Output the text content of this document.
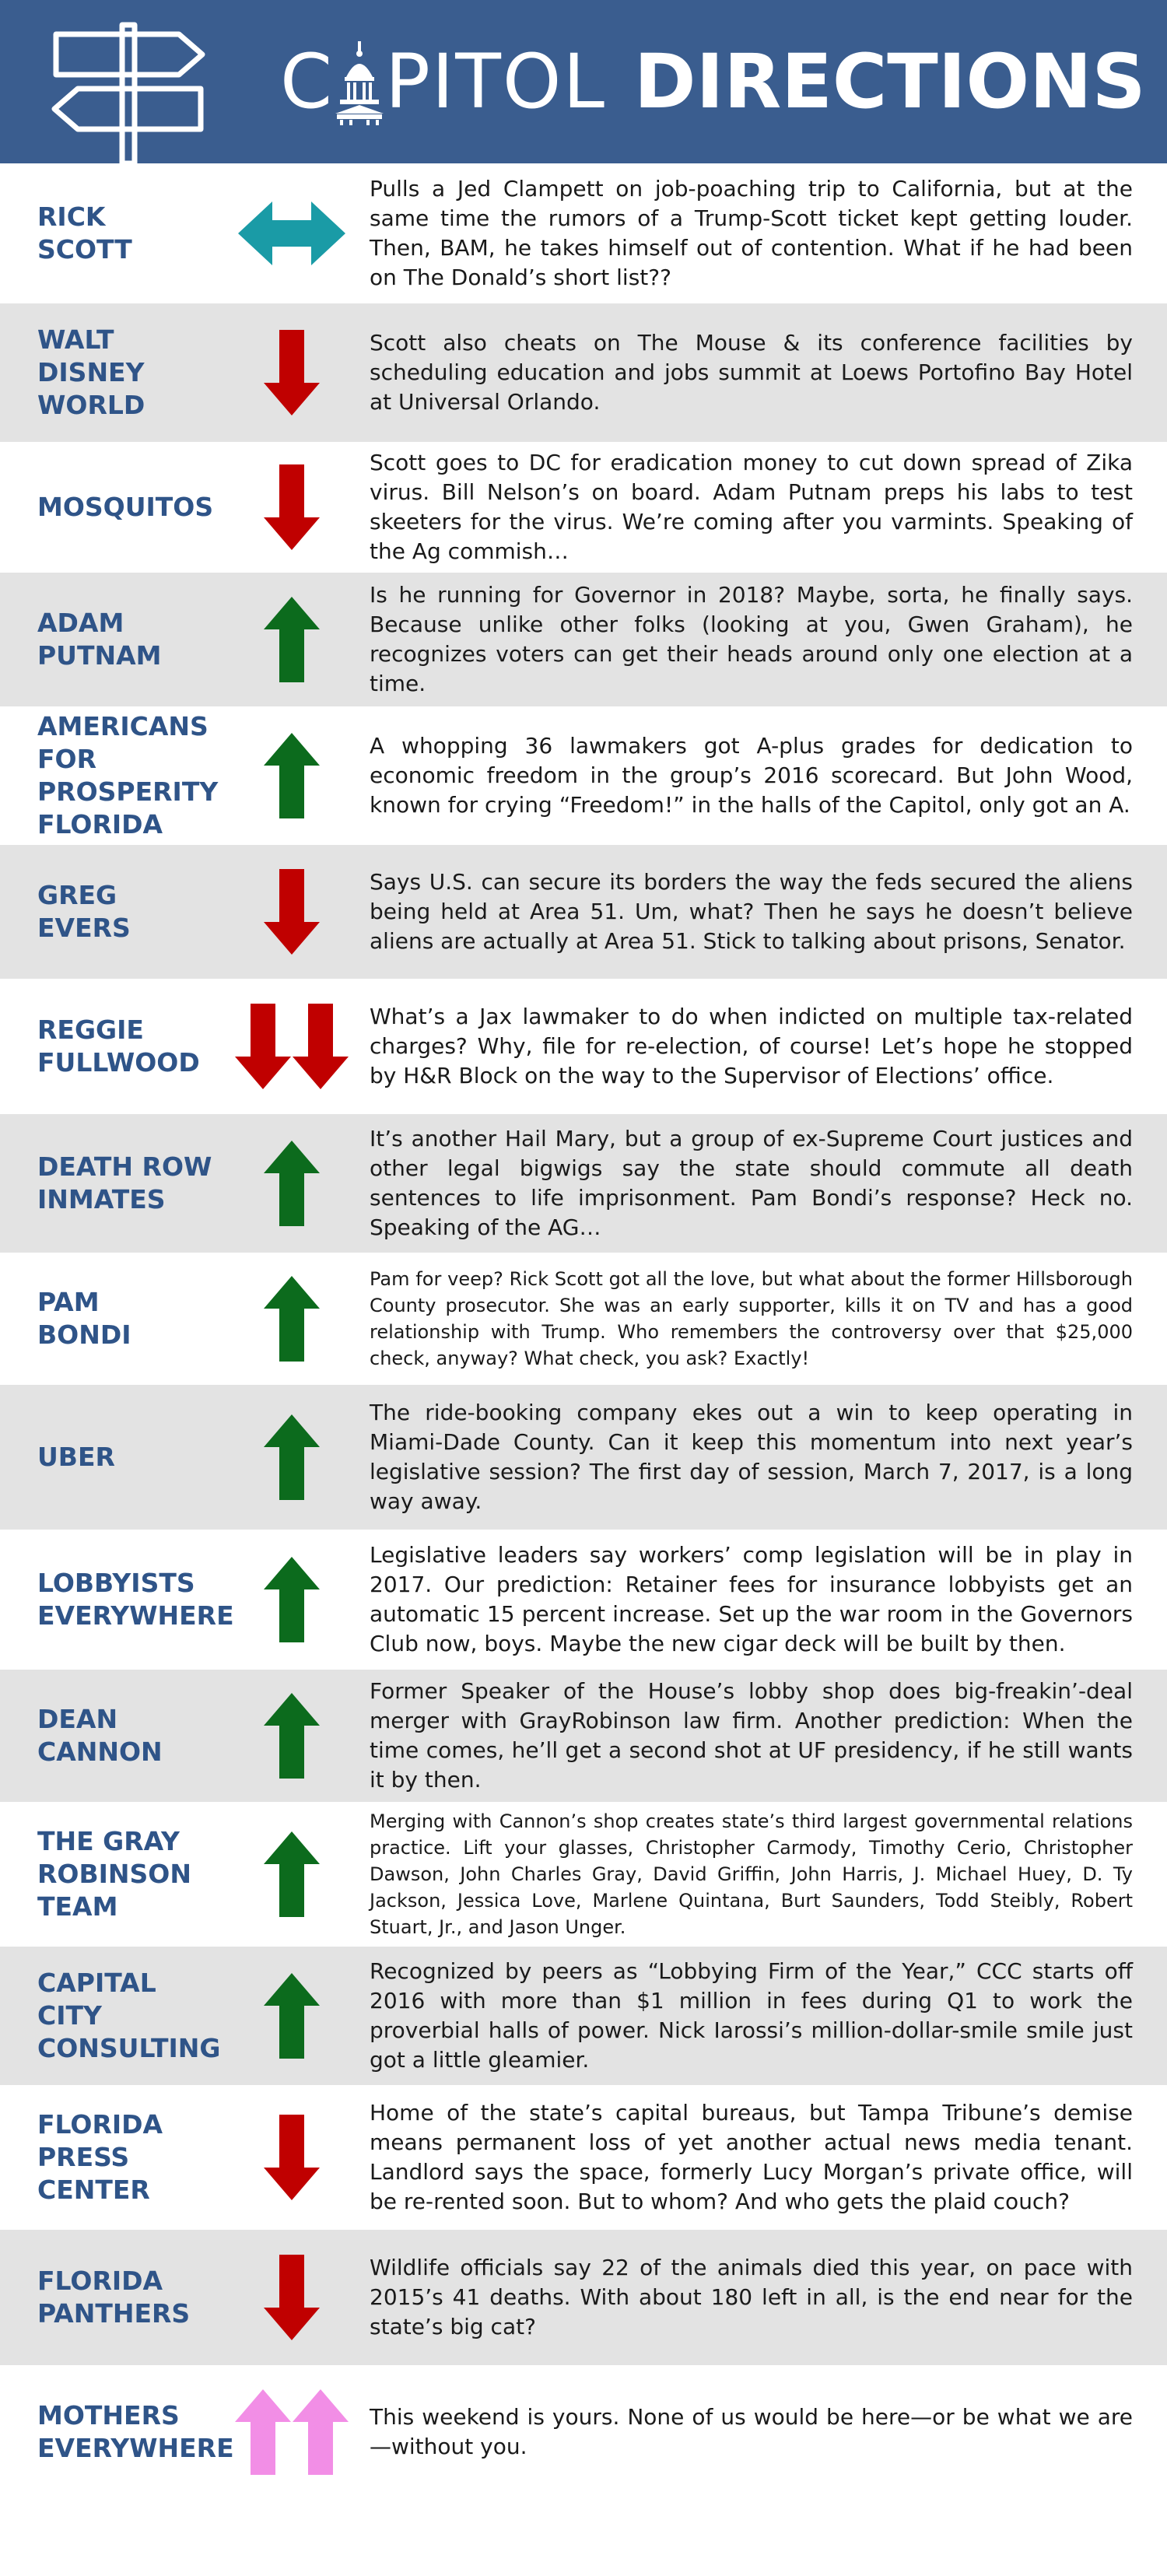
C PITOL DIRECTIONS
RICK
SCOTT
Pulls a Jed Clampett on job-poaching trip to California, but at the same time the rumors of a Trump-Scott ticket kept getting louder. Then, BAM, he takes himself out of contention. What if he had been on The Donald’s short list??
WALT
DISNEY
WORLD
Scott also cheats on The Mouse & its conference facilities by scheduling education and jobs summit at Loews Portofino Bay Hotel at Universal Orlando.
MOSQUITOS
Scott goes to DC for eradication money to cut down spread of Zika virus. Bill Nelson’s on board. Adam Putnam preps his labs to test skeeters for the virus. We’re coming after you varmints. Speaking of the Ag commish…
ADAM
PUTNAM
Is he running for Governor in 2018? Maybe, sorta, he finally says. Because unlike other folks (looking at you, Gwen Graham), he recognizes voters can get their heads around only one election at a time.
AMERICANS FOR
PROSPERITY
FLORIDA
A whopping 36 lawmakers got A-plus grades for dedication to economic freedom in the group’s 2016 scorecard. But John Wood, known for crying “Freedom!” in the halls of the Capitol, only got an A.
GREG
EVERS
Says U.S. can secure its borders the way the feds secured the aliens being held at Area 51. Um, what? Then he says he doesn’t believe aliens are actually at Area 51. Stick to talking about prisons, Senator.
REGGIE
FULLWOOD
What’s a Jax lawmaker to do when indicted on multiple tax-related charges? Why, file for re-election, of course! Let’s hope he stopped by H&R Block on the way to the Supervisor of Elections’ office.
DEATH ROW
INMATES
It’s another Hail Mary, but a group of ex-Supreme Court justices and other legal bigwigs say the state should commute all death sentences to life imprisonment. Pam Bondi’s response? Heck no. Speaking of the AG…
PAM
BONDI
Pam for veep? Rick Scott got all the love, but what about the former Hillsborough County prosecutor. She was an early supporter, kills it on TV and has a good relationship with Trump. Who remembers the controversy over that $25,000 check, anyway? What check, you ask? Exactly!
UBER
The ride-booking company ekes out a win to keep operating in Miami-Dade County. Can it keep this momentum into next year’s legislative session? The first day of session, March 7, 2017, is a long way away.
LOBBYISTS
EVERYWHERE
Legislative leaders say workers’ comp legislation will be in play in 2017. Our prediction: Retainer fees for insurance lobbyists get an automatic 15 percent increase. Set up the war room in the Governors Club now, boys. Maybe the new cigar deck will be built by then.
DEAN
CANNON
Former Speaker of the House’s lobby shop does big-freakin’-deal merger with GrayRobinson law firm. Another prediction: When the time comes, he’ll get a second shot at UF presidency, if he still wants it by then.
THE GRAY
ROBINSON
TEAM
Merging with Cannon’s shop creates state’s third largest governmental relations practice. Lift your glasses, Christopher Carmody, Timothy Cerio, Christopher Dawson, John Charles Gray, David Griffin, John Harris, J. Michael Huey, D. Ty Jackson, Jessica Love, Marlene Quintana, Burt Saunders, Todd Steibly, Robert Stuart, Jr., and Jason Unger.
CAPITAL
CITY
CONSULTING
Recognized by peers as “Lobbying Firm of the Year,” CCC starts off 2016 with more than $1 million in fees during Q1 to work the proverbial halls of power. Nick Iarossi’s million-dollar-smile smile just got a little gleamier.
FLORIDA
PRESS
CENTER
Home of the state’s capital bureaus, but Tampa Tribune’s demise means permanent loss of yet another actual news media tenant. Landlord says the space, formerly Lucy Morgan’s private office, will be re-rented soon. But to whom? And who gets the plaid couch?
FLORIDA
PANTHERS
Wildlife officials say 22 of the animals died this year, on pace with 2015’s 41 deaths. With about 180 left in all, is the end near for the state’s big cat?
MOTHERS
EVERYWHERE
This weekend is yours. None of us would be here—or be what we are—without you.
